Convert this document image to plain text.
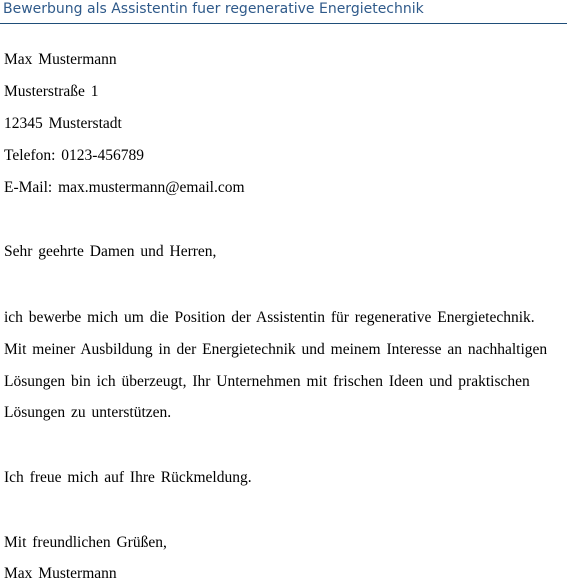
Bewerbung als Assistentin fuer regenerative Energietechnik
Max Mustermann
Musterstraße 1
12345 Musterstadt
Telefon: 0123-456789
E-Mail: max.mustermann@email.com
Sehr geehrte Damen und Herren,
ich bewerbe mich um die Position der Assistentin für regenerative Energietechnik.
Mit meiner Ausbildung in der Energietechnik und meinem Interesse an nachhaltigen
Lösungen bin ich überzeugt, Ihr Unternehmen mit frischen Ideen und praktischen
Lösungen zu unterstützen.
Ich freue mich auf Ihre Rückmeldung.
Mit freundlichen Grüßen,
Max Mustermann
